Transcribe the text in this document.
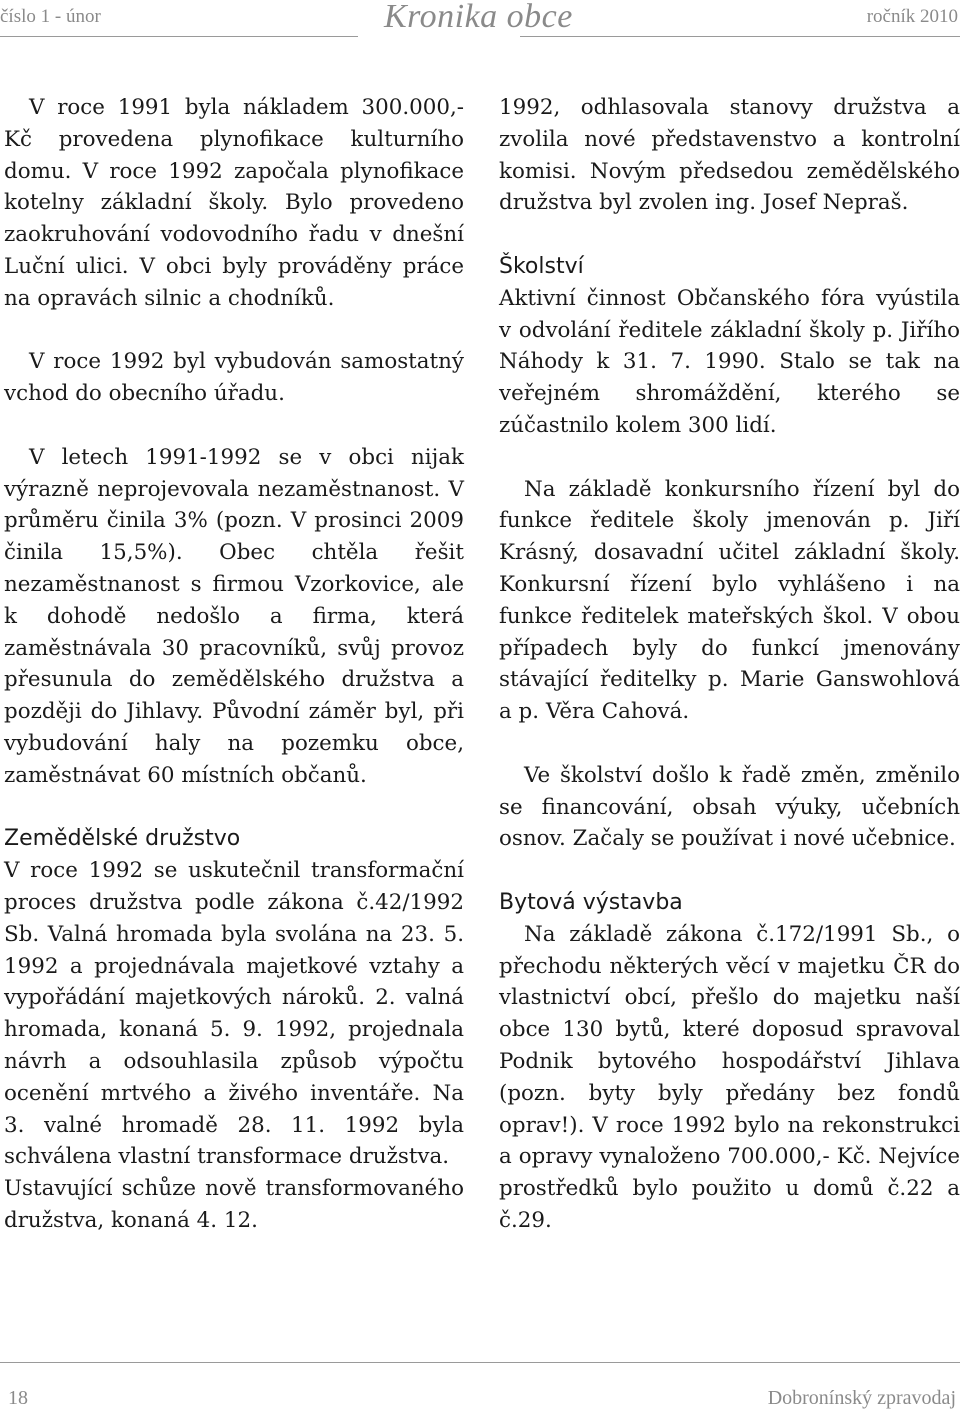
číslo 1 - únor	Kronika obce	ročník 2010

V roce 1991 byla nákladem 300.000,- Kč provedena plynofikace kulturního domu. V roce 1992 započala plynofikace kotelny základní školy. Bylo provedeno zaokruhování vodovodního řadu v dnešní Luční ulici. V obci byly prováděny práce na opravách silnic a chodníků.

V roce 1992 byl vybudován samostatný vchod do obecního úřadu.

V letech 1991-1992 se v obci nijak výrazně neprojevovala nezaměstnanost. V průměru činila 3% (pozn. V prosinci 2009 činila 15,5%). Obec chtěla řešit nezaměstnanost s firmou Vzorkovice, ale k dohodě nedošlo a firma, která zaměstnávala 30 pracovníků, svůj provoz přesunula do zemědělského družstva a později do Jihlavy. Původní záměr byl, při vybudování haly na pozemku obce, zaměstnávat 60 místních občanů.

Zemědělské družstvo

V roce 1992 se uskutečnil transformační proces družstva podle zákona č.42/1992 Sb. Valná hromada byla svolána na 23. 5. 1992 a projednávala majetkové vztahy a vypořádání majetkových nároků. 2. valná hromada, konaná 5. 9. 1992, projednala návrh a odsouhlasila způsob výpočtu ocenění mrtvého a živého inventáře. Na 3. valné hromadě 28. 11. 1992 byla schválena vlastní transformace družstva.

Ustavující schůze nově transformovaného družstva, konaná 4. 12.

1992, odhlasovala stanovy družstva a zvolila nové představenstvo a kontrolní komisi. Novým předsedou zemědělského družstva byl zvolen ing. Josef Nepraš.

Školství

Aktivní činnost Občanského fóra vyústila v odvolání ředitele základní školy p. Jiřího Náhody k 31. 7. 1990. Stalo se tak na veřejném shromáždění, kterého se zúčastnilo kolem 300 lidí.

Na základě konkursního řízení byl do funkce ředitele školy jmenován p. Jiří Krásný, dosavadní učitel základní školy. Konkursní řízení bylo vyhlášeno i na funkce ředitelek mateřských škol. V obou případech byly do funkcí jmenovány stávající ředitelky p. Marie Ganswohlová a p. Věra Cahová.

Ve školství došlo k řadě změn, změnilo se financování, obsah výuky, učebních osnov. Začaly se používat i nové učebnice.

Bytová výstavba

Na základě zákona č.172/1991 Sb., o přechodu některých věcí v majetku ČR do vlastnictví obcí, přešlo do majetku naší obce 130 bytů, které doposud spravoval Podnik bytového hospodářství Jihlava (pozn. byty byly předány bez fondů oprav!). V roce 1992 bylo na rekonstrukci a opravy vynaloženo 700.000,- Kč. Nejvíce prostředků bylo použito u domů č.22 a č.29.

18	Dobronínský zpravodaj
